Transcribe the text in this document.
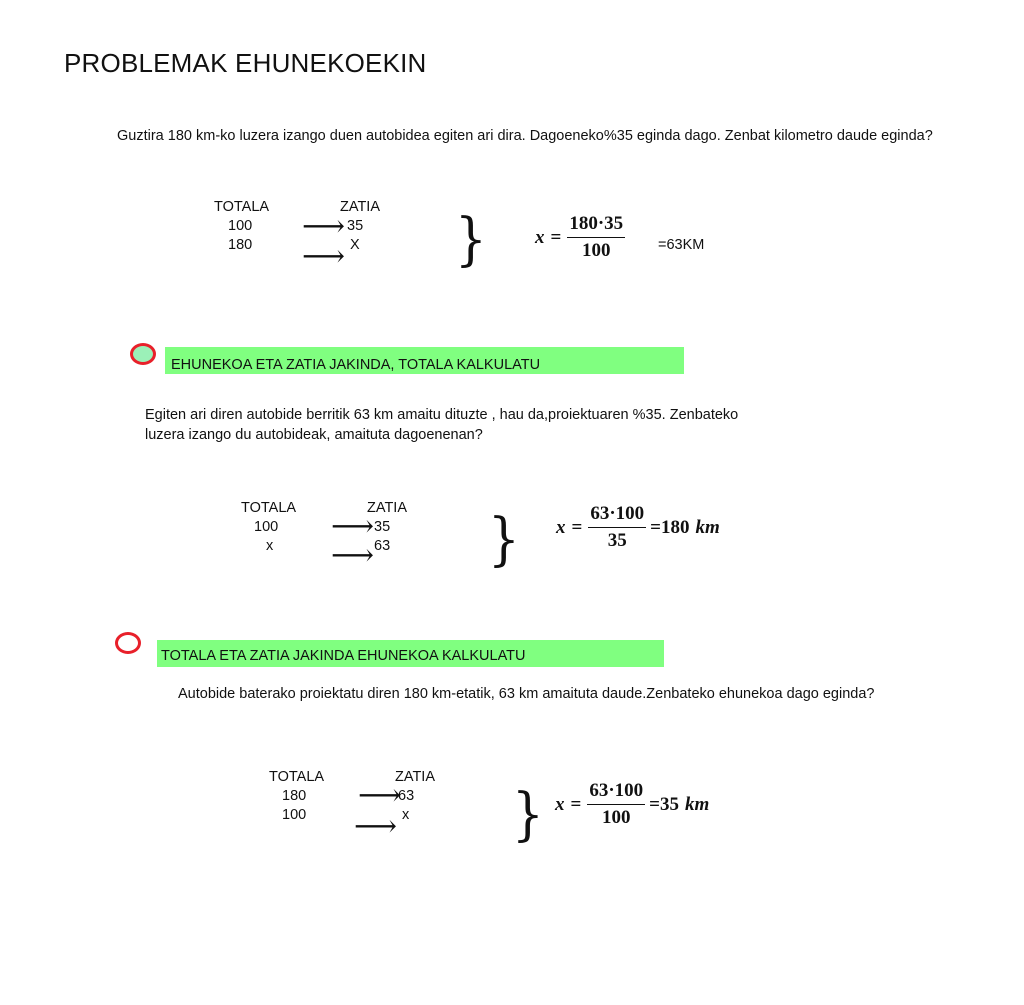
PROBLEMAK EHUNEKOEKIN
Guztira 180 km-ko luzera izango duen autobidea egiten ari dira. Dagoeneko%35 eginda dago. Zenbat kilometro daude eginda?
TOTALA	ZATIA
100	35
180	X
⟶
⟶ }	$x = \frac{180\cdot 35}{100} =63KM$
EHUNEKOA ETA ZATIA JAKINDA, TOTALA KALKULATU
Egiten ari diren autobide berritik 63 km amaitu dituzte , hau da,proiektuaren %35. Zenbateko
luzera izango du autobideak, amaituta dagoenenan?
TOTALA	ZATIA
100	35
x	63
⟶
⟶ } $x = \frac{63\cdot 100}{35} =180$ km
TOTALA ETA ZATIA JAKINDA EHUNEKOA KALKULATU
Autobide baterako proiektatu diren 180 km-etatik, 63 km amaituta daude.Zenbateko ehunekoa dago eginda?
TOTALA	ZATIA
180	63
100	x
⟶
⟶ } $x = \frac{63\cdot 100}{100} =35$ km
